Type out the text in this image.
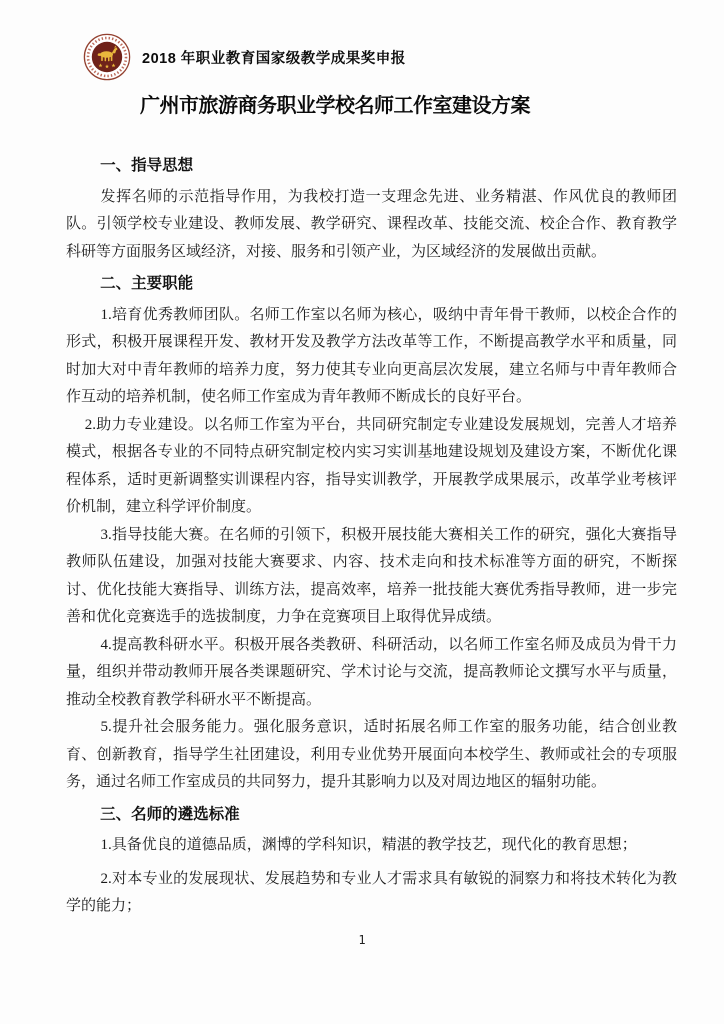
2018 年职业教育国家级教学成果奖申报
广州市旅游商务职业学校名师工作室建设方案
一、指导思想

发挥名师的示范指导作用，为我校打造一支理念先进、业务精湛、作风优良的教师团队。引领学校专业建设、教师发展、教学研究、课程改革、技能交流、校企合作、教育教学科研等方面服务区域经济，对接、服务和引领产业，为区域经济的发展做出贡献。

二、主要职能

1.培育优秀教师团队。名师工作室以名师为核心，吸纳中青年骨干教师，以校企合作的形式，积极开展课程开发、教材开发及教学方法改革等工作，不断提高教学水平和质量，同时加大对中青年教师的培养力度，努力使其专业向更高层次发展，建立名师与中青年教师合作互动的培养机制，使名师工作室成为青年教师不断成长的良好平台。

2.助力专业建设。以名师工作室为平台，共同研究制定专业建设发展规划，完善人才培养模式，根据各专业的不同特点研究制定校内实习实训基地建设规划及建设方案，不断优化课程体系，适时更新调整实训课程内容，指导实训教学，开展教学成果展示，改革学业考核评价机制，建立科学评价制度。

3.指导技能大赛。在名师的引领下，积极开展技能大赛相关工作的研究，强化大赛指导教师队伍建设，加强对技能大赛要求、内容、技术走向和技术标准等方面的研究，不断探讨、优化技能大赛指导、训练方法，提高效率，培养一批技能大赛优秀指导教师，进一步完善和优化竞赛选手的选拔制度，力争在竞赛项目上取得优异成绩。

4.提高教科研水平。积极开展各类教研、科研活动，以名师工作室名师及成员为骨干力量，组织并带动教师开展各类课题研究、学术讨论与交流，提高教师论文撰写水平与质量，推动全校教育教学科研水平不断提高。

5.提升社会服务能力。强化服务意识，适时拓展名师工作室的服务功能，结合创业教育、创新教育，指导学生社团建设，利用专业优势开展面向本校学生、教师或社会的专项服务，通过名师工作室成员的共同努力，提升其影响力以及对周边地区的辐射功能。

三、名师的遴选标准

1.具备优良的道德品质，渊博的学科知识，精湛的教学技艺，现代化的教育思想；

2.对本专业的发展现状、发展趋势和专业人才需求具有敏锐的洞察力和将技术转化为教学的能力；

1
